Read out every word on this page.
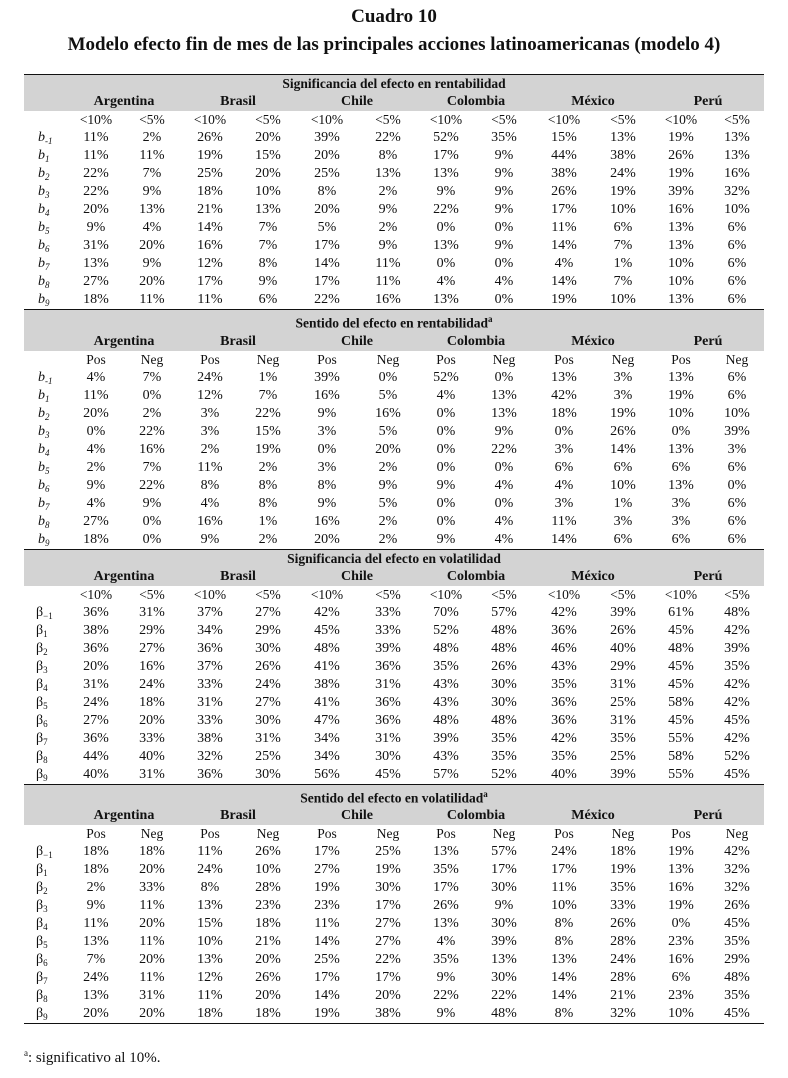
Cuadro 10
Modelo efecto fin de mes de las principales acciones latinoamericanas (modelo 4)
Significancia del efecto en rentabilidad												
	Argentina		Brasil		Chile		Colombia		México		Perú	
	<10%	<5%	<10%	<5%	<10%	<5%	<10%	<5%	<10%	<5%	<10%	<5%
$b_{-1}$	11%	2%	26%	20%	39%	22%	52%	35%	15%	13%	19%	13%
$b_1$	11%	11%	19%	15%	20%	8%	17%	9%	44%	38%	26%	13%
$b_2$	22%	7%	25%	20%	25%	13%	13%	9%	38%	24%	19%	16%
$b_3$	22%	9%	18%	10%	8%	2%	9%	9%	26%	19%	39%	32%
$b_4$	20%	13%	21%	13%	20%	9%	22%	9%	17%	10%	16%	10%
$b_5$	9%	4%	14%	7%	5%	2%	0%	0%	11%	6%	13%	6%
$b_6$	31%	20%	16%	7%	17%	9%	13%	9%	14%	7%	13%	6%
$b_7$	13%	9%	12%	8%	14%	11%	0%	0%	4%	1%	10%	6%
$b_8$	27%	20%	17%	9%	17%	11%	4%	4%	14%	7%	10%	6%
$b_9$	18%	11%	11%	6%	22%	16%	13%	0%	19%	10%	13%	6%
Sentido del efecto en rentabilidad$^a$
	Argentina		Brasil		Chile		Colombia		México		Perú	
	Pos	Neg	Pos	Neg	Pos	Neg	Pos	Neg	Pos	Neg	Pos	Neg
$b_{-1}$	4%	7%	24%	1%	39%	0%	52%	0%	13%	3%	13%	6%
$b_1$	11%	0%	12%	7%	16%	5%	4%	13%	42%	3%	19%	6%
$b_2$	20%	2%	3%	22%	9%	16%	0%	13%	18%	19%	10%	10%
$b_3$	0%	22%	3%	15%	3%	5%	0%	9%	0%	26%	0%	39%
$b_4$	4%	16%	2%	19%	0%	20%	0%	22%	3%	14%	13%	3%
$b_5$	2%	7%	11%	2%	3%	2%	0%	0%	6%	6%	6%	6%
$b_6$	9%	22%	8%	8%	8%	9%	9%	4%	4%	10%	13%	0%
$b_7$	4%	9%	4%	8%	9%	5%	0%	0%	3%	1%	3%	6%
$b_8$	27%	0%	16%	1%	16%	2%	0%	4%	11%	3%	3%	6%
$b_9$	18%	0%	9%	2%	20%	2%	9%	4%	14%	6%	6%	6%
Significancia del efecto en volatilidad												
	Argentina		Brasil		Chile		Colombia		México		Perú	
	<10%	<5%	<10%	<5%	<10%	<5%	<10%	<5%	<10%	<5%	<10%	<5%
$\beta_{-1}$	36%	31%	37%	27%	42%	33%	70%	57%	42%	39%	61%	48%
$\beta_1$	38%	29%	34%	29%	45%	33%	52%	48%	36%	26%	45%	42%
$\beta_2$	36%	27%	36%	30%	48%	39%	48%	48%	46%	40%	48%	39%
$\beta_3$	20%	16%	37%	26%	41%	36%	35%	26%	43%	29%	45%	35%
$\beta_4$	31%	24%	33%	24%	38%	31%	43%	30%	35%	31%	45%	42%
$\beta_5$	24%	18%	31%	27%	41%	36%	43%	30%	36%	25%	58%	42%
$\beta_6$	27%	20%	33%	30%	47%	36%	48%	48%	36%	31%	45%	45%
$\beta_7$	36%	33%	38%	31%	34%	31%	39%	35%	42%	35%	55%	42%
$\beta_8$	44%	40%	32%	25%	34%	30%	43%	35%	35%	25%	58%	52%
$\beta_9$	40%	31%	36%	30%	56%	45%	57%	52%	40%	39%	55%	45%
Sentido del efecto en volatilidad$^a$
	Argentina		Brasil		Chile		Colombia		México		Perú	
	Pos	Neg	Pos	Neg	Pos	Neg	Pos	Neg	Pos	Neg	Pos	Neg
$\beta_{-1}$	18%	18%	11%	26%	17%	25%	13%	57%	24%	18%	19%	42%
$\beta_1$	18%	20%	24%	10%	27%	19%	35%	17%	17%	19%	13%	32%
$\beta_2$	2%	33%	8%	28%	19%	30%	17%	30%	11%	35%	16%	32%
$\beta_3$	9%	11%	13%	23%	23%	17%	26%	9%	10%	33%	19%	26%
$\beta_4$	11%	20%	15%	18%	11%	27%	13%	30%	8%	26%	0%	45%
$\beta_5$	13%	11%	10%	21%	14%	27%	4%	39%	8%	28%	23%	35%
$\beta_6$	7%	20%	13%	20%	25%	22%	35%	13%	13%	24%	16%	29%
$\beta_7$	24%	11%	12%	26%	17%	17%	9%	30%	14%	28%	6%	48%
$\beta_8$	13%	31%	11%	20%	14%	20%	22%	22%	14%	21%	23%	35%
$\beta_9$	20%	20%	18%	18%	19%	38%	9%	48%	8%	32%	10%	45%
$^a$: significativo al 10%.
